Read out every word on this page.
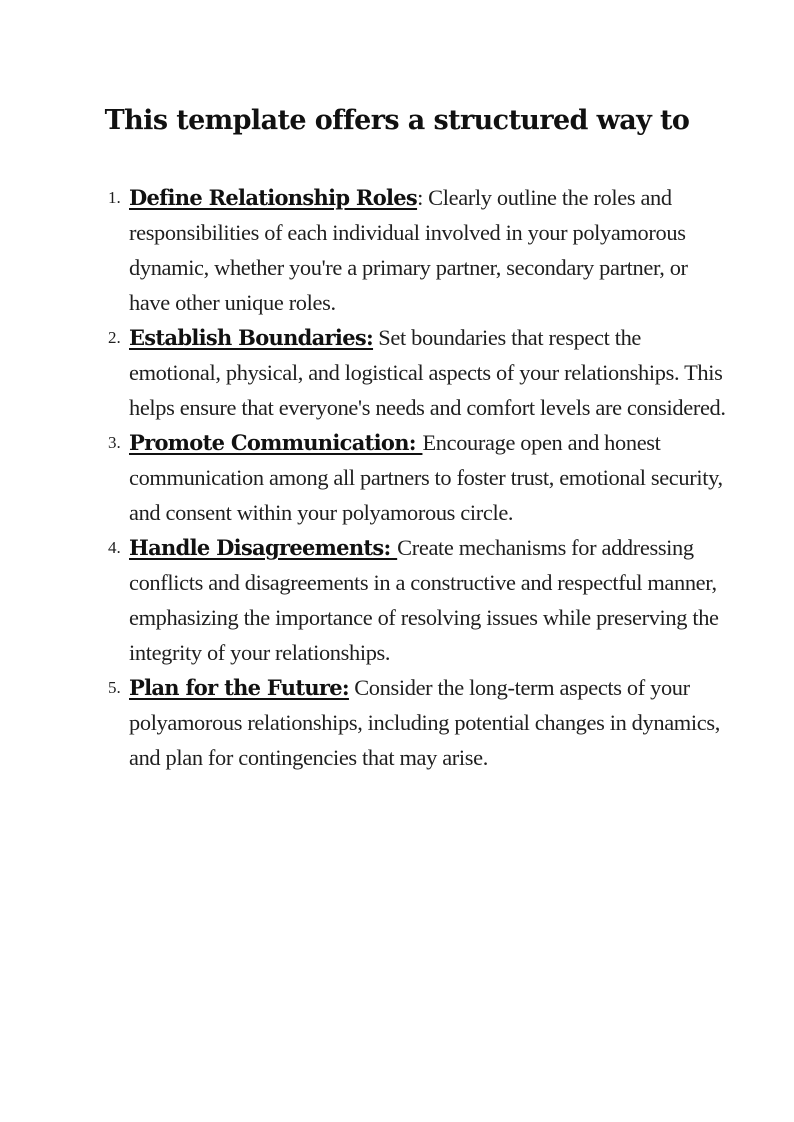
This template offers a structured way to
1. Define Relationship Roles: Clearly outline the roles and responsibilities of each individual involved in your polyamorous dynamic, whether you're a primary partner, secondary partner, or have other unique roles.
2. Establish Boundaries: Set boundaries that respect the emotional, physical, and logistical aspects of your relationships. This helps ensure that everyone's needs and comfort levels are considered.
3. Promote Communication: Encourage open and honest communication among all partners to foster trust, emotional security, and consent within your polyamorous circle.
4. Handle Disagreements: Create mechanisms for addressing conflicts and disagreements in a constructive and respectful manner, emphasizing the importance of resolving issues while preserving the integrity of your relationships.
5. Plan for the Future: Consider the long-term aspects of your polyamorous relationships, including potential changes in dynamics, and plan for contingencies that may arise.
